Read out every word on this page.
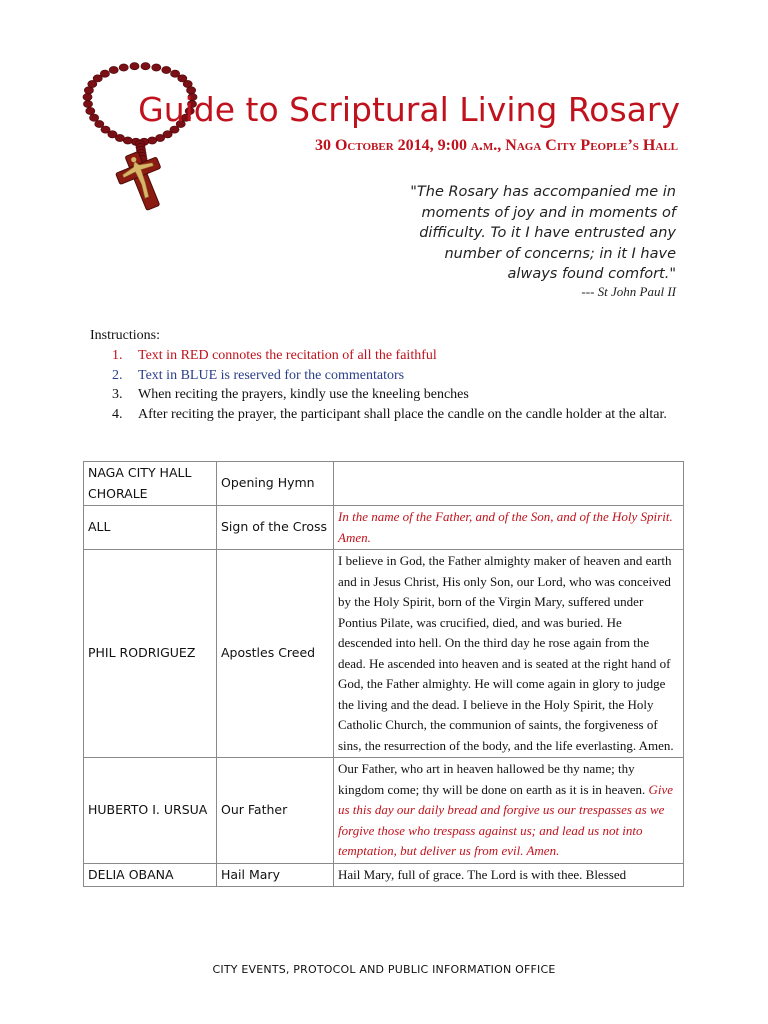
Guide to Scriptural Living Rosary
30 October 2014, 9:00 a.m., Naga City People’s Hall
"The Rosary has accompanied me in
moments of joy and in moments of
difficulty. To it I have entrusted any
number of concerns; in it I have
always found comfort."
--- St John Paul II
Instructions:
1. Text in RED connotes the recitation of all the faithful
2. Text in BLUE is reserved for the commentators
3. When reciting the prayers, kindly use the kneeling benches
4. After reciting the prayer, the participant shall place the candle on the candle holder at the altar.
NAGA CITY HALL CHORALE	Opening Hymn	
ALL	Sign of the Cross	In the name of the Father, and of the Son, and of the Holy Spirit. Amen.
PHIL RODRIGUEZ	Apostles Creed	I believe in God, the Father almighty maker of heaven and earth and in Jesus Christ, His only Son, our Lord, who was conceived by the Holy Spirit, born of the Virgin Mary, suffered under Pontius Pilate, was crucified, died, and was buried. He descended into hell. On the third day he rose again from the dead. He ascended into heaven and is seated at the right hand of God, the Father almighty. He will come again in glory to judge the living and the dead. I believe in the Holy Spirit, the Holy Catholic Church, the communion of saints, the forgiveness of sins, the resurrection of the body, and the life everlasting. Amen.
HUBERTO I. URSUA	Our Father	Our Father, who art in heaven hallowed be thy name; thy kingdom come; thy will be done on earth as it is in heaven. Give us this day our daily bread and forgive us our trespasses as we forgive those who trespass against us; and lead us not into temptation, but deliver us from evil. Amen.
DELIA OBANA	Hail Mary	Hail Mary, full of grace. The Lord is with thee. Blessed
CITY EVENTS, PROTOCOL AND PUBLIC INFORMATION OFFICE
